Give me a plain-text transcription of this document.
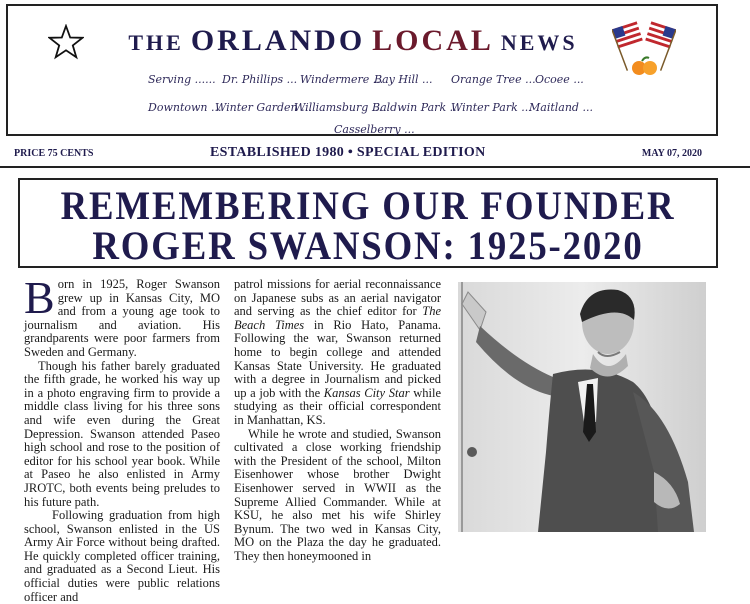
THE ORLANDO LOCAL NEWS
Serving ...... Dr. Phillips ... Windermere ...
Bay Hill ... Orange Tree ... Ocoee ...
Downtown ...
Winter Garden ...
Williamsburg ...
Baldwin Park ...
Winter Park ...
Maitland ...
Casselberry ...
PRICE 75 CENTS	ESTABLISHED 1980 • SPECIAL EDITION	MAY 07, 2020
REMEMBERING OUR FOUNDER
ROGER SWANSON: 1925-2020

Born in 1925, Roger Swanson grew up in Kansas City, MO and from a young age took to journalism and aviation. His grandparents were poor farmers from Sweden and Germany.

Though his father barely graduated the fifth grade, he worked his way up in a photo engraving firm to provide a middle class living for his three sons and wife even during the Great Depression. Swanson attended Paseo high school and rose to the position of editor for his school year book. While at Paseo he also enlisted in Army JROTC, both events being preludes to his future path.

Following graduation from high school, Swanson enlisted in the US Army Air Force without being drafted. He quickly completed officer training, and graduated as a Second Lieut. His official duties were public relations officer and

patrol missions for aerial reconnaissance on Japanese subs as an aerial navigator and serving as the chief editor for The Beach Times in Rio Hato, Panama. Following the war, Swanson returned home to begin college and attended Kansas State University. He graduated with a degree in Journalism and picked up a job with the Kansas City Star while studying as their official correspondent in Manhattan, KS.

While he wrote and studied, Swanson cultivated a close working friendship with the President of the school, Milton Eisenhower whose brother Dwight Eisenhower served in WWII as the Supreme Allied Commander. While at KSU, he also met his wife Shirley Bynum. The two wed in Kansas City, MO on the Plaza the day he graduated. They then honeymooned in
